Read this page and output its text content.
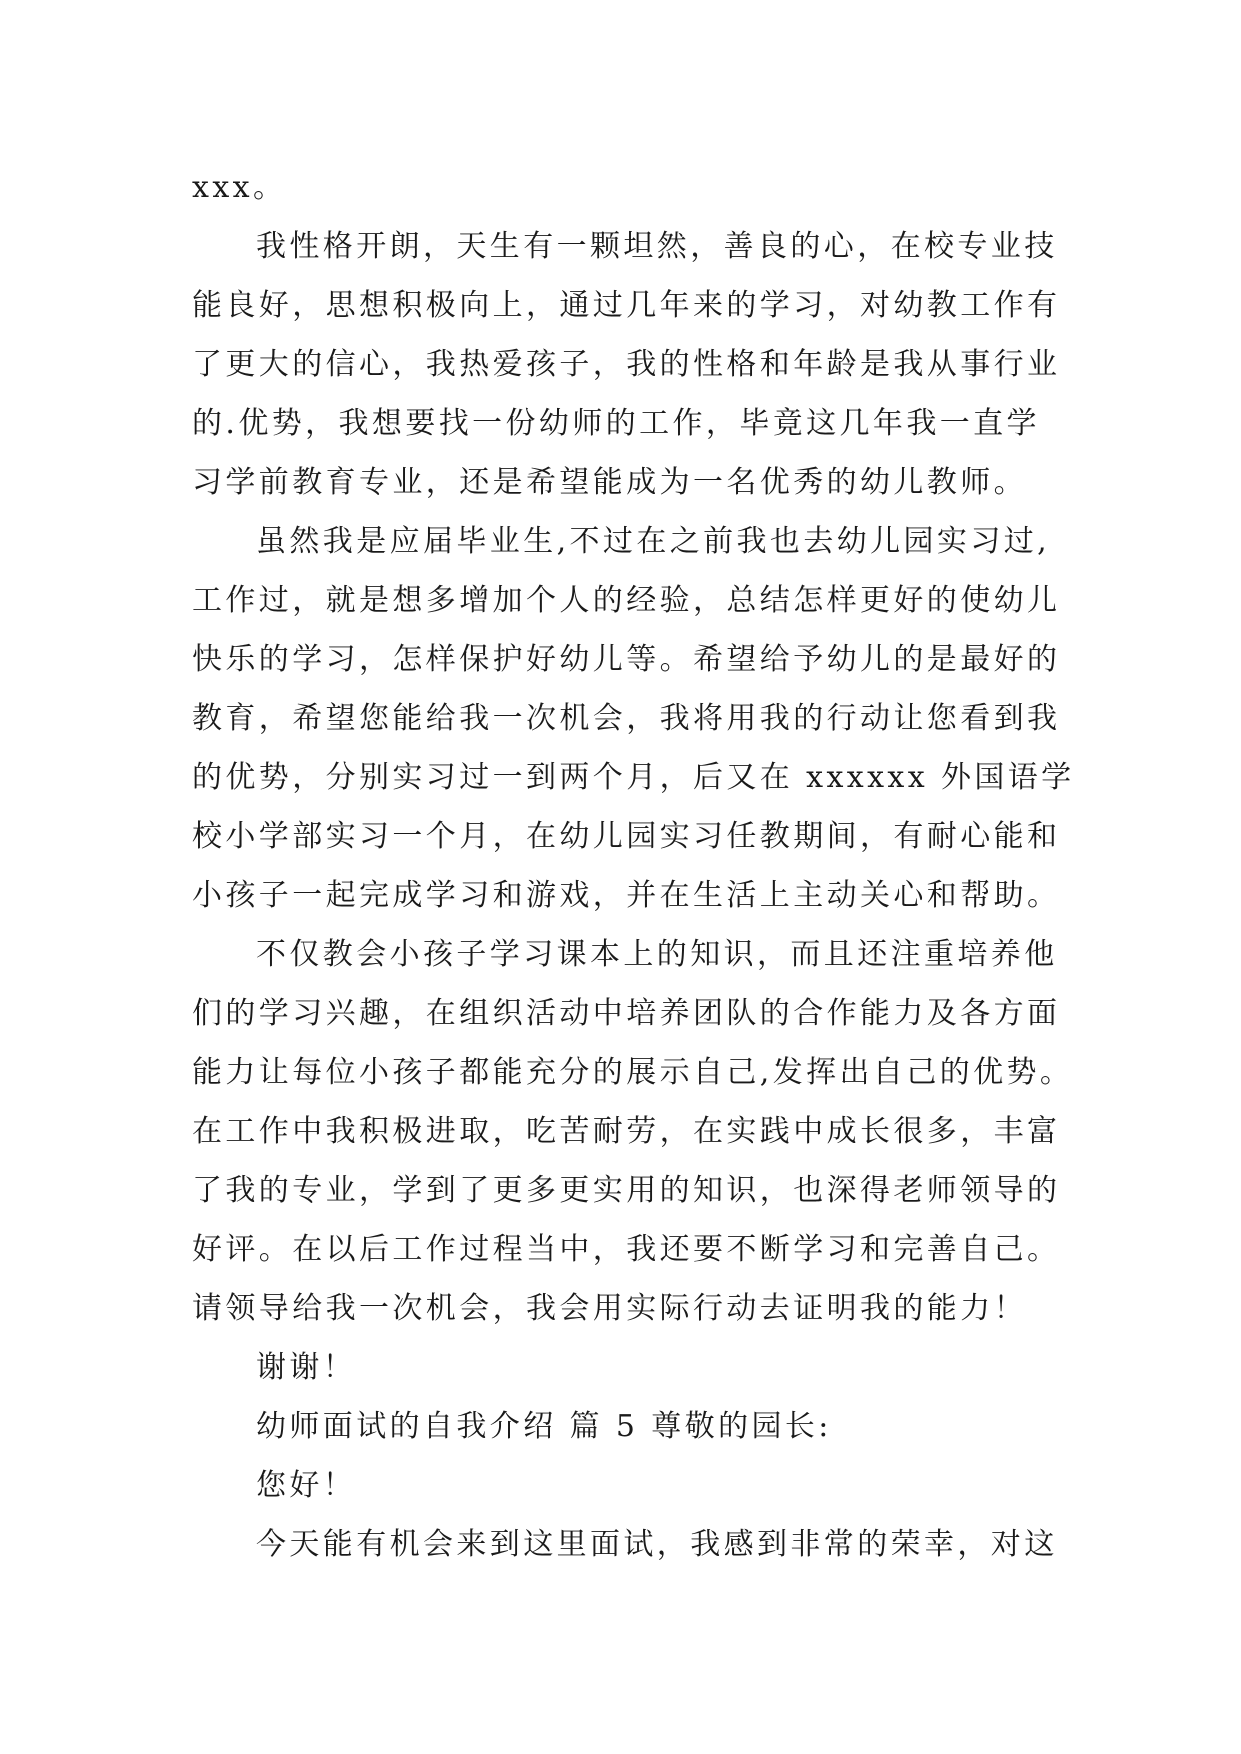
xxx。
我性格开朗，天生有一颗坦然，善良的心，在校专业技
能良好，思想积极向上，通过几年来的学习，对幼教工作有
了更大的信心，我热爱孩子，我的性格和年龄是我从事行业
的.优势，我想要找一份幼师的工作，毕竟这几年我一直学
习学前教育专业，还是希望能成为一名优秀的幼儿教师。
虽然我是应届毕业生,不过在之前我也去幼儿园实习过,
工作过，就是想多增加个人的经验，总结怎样更好的使幼儿
快乐的学习，怎样保护好幼儿等。希望给予幼儿的是最好的
教育，希望您能给我一次机会，我将用我的行动让您看到我
的优势，分别实习过一到两个月，后又在 xxxxxx 外国语学
校小学部实习一个月，在幼儿园实习任教期间，有耐心能和
小孩子一起完成学习和游戏，并在生活上主动关心和帮助。
不仅教会小孩子学习课本上的知识，而且还注重培养他
们的学习兴趣，在组织活动中培养团队的合作能力及各方面
能力让每位小孩子都能充分的展示自己,发挥出自己的优势。
在工作中我积极进取，吃苦耐劳，在实践中成长很多，丰富
了我的专业，学到了更多更实用的知识，也深得老师领导的
好评。在以后工作过程当中，我还要不断学习和完善自己。
请领导给我一次机会，我会用实际行动去证明我的能力！
谢谢！
幼师面试的自我介绍 篇 5 尊敬的园长:
您好！
今天能有机会来到这里面试，我感到非常的荣幸，对这
